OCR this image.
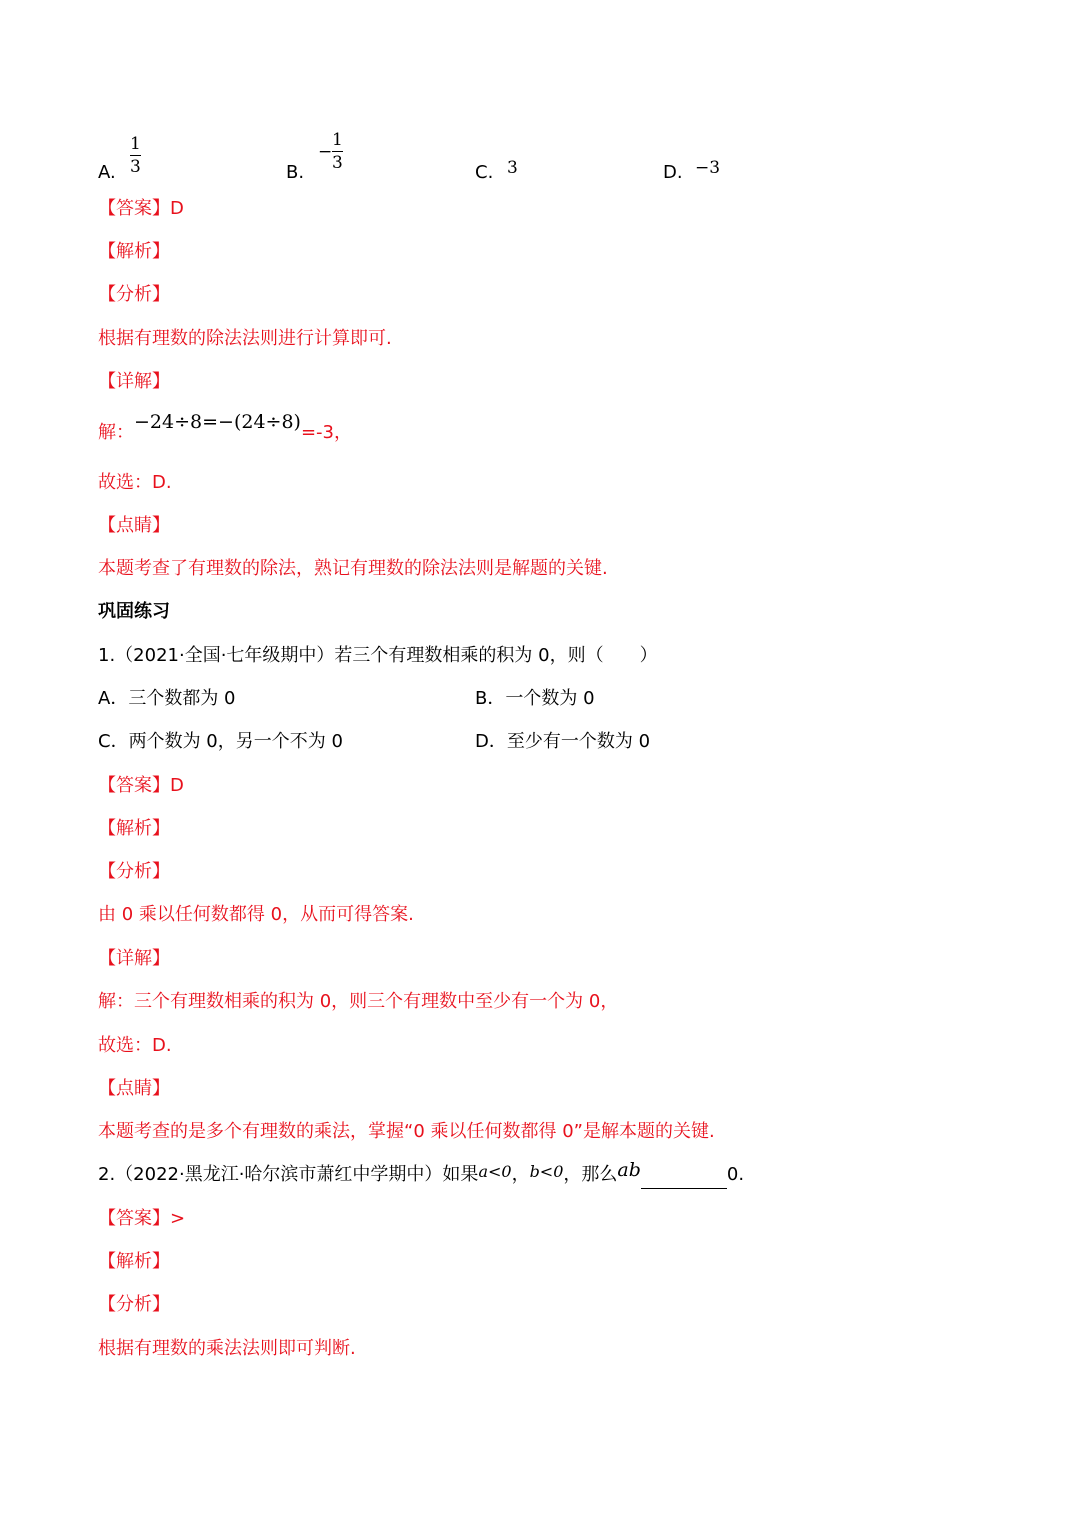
A.
1
3	B.
−
1
3	C. 3	D. −3
【答案】D
【解析】
【分析】
根据有理数的除法法则进行计算即可.
【详解】
解：−24÷8=−(24÷8)=-3，
故选：D.
【点睛】
本题考查了有理数的除法，熟记有理数的除法法则是解题的关键.
巩固练习
1.（2021·全国·七年级期中）若三个有理数相乘的积为 0，则（　　）
A．三个数都为 0	B．一个数为 0
C．两个数为 0，另一个不为 0	D．至少有一个数为 0
【答案】D
【解析】
【分析】
由 0 乘以任何数都得 0，从而可得答案.
【详解】
解：三个有理数相乘的积为 0，则三个有理数中至少有一个为 0，
故选：D.
【点睛】
本题考查的是多个有理数的乘法，掌握“0 乘以任何数都得 0”是解本题的关键.
2.（2022·黑龙江·哈尔滨市萧红中学期中）如果a<0，b<0，那么ab	0.
【答案】>
【解析】
【分析】
根据有理数的乘法法则即可判断.
